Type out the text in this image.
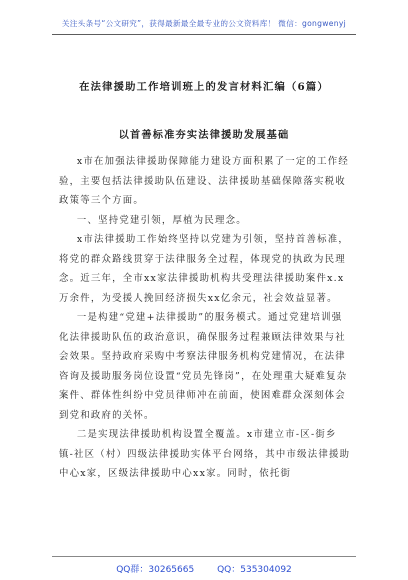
关注头条号“公文研究”，获得最新最全最专业的公文资料库！ 微信：gongwenyj
在法律援助工作培训班上的发言材料汇编（6篇）
以首善标准夯实法律援助发展基础

x市在加强法律援助保障能力建设方面积累了一定的工作经验，主要包括法律援助队伍建设、法律援助基础保障落实税收政策等三个方面。

一、坚持党建引领，厚植为民理念。

x市法律援助工作始终坚持以党建为引领，坚持首善标准，将党的群众路线贯穿于法律服务全过程，体现党的执政为民理念。近三年，全市xx家法律援助机构共受理法律援助案件x.x万余件，为受援人挽回经济损失xx亿余元，社会效益显著。

一是构建“党建+法律援助”的服务模式。通过党建培训强化法律援助队伍的政治意识，确保服务过程兼顾法律效果与社会效果。坚持政府采购中考察法律服务机构党建情况，在法律咨询及援助服务岗位设置“党员先锋岗”，在处理重大疑难复杂案件、群体性纠纷中党员律师冲在前面，使困难群众深刻体会到党和政府的关怀。

二是实现法律援助机构设置全覆盖。x市建立市-区-街乡镇-社区（村）四级法律援助实体平台网络，其中市级法律援助中心x家，区级法律援助中心xx家。同时，依托街

QQ群：30265665	QQ：535304092
